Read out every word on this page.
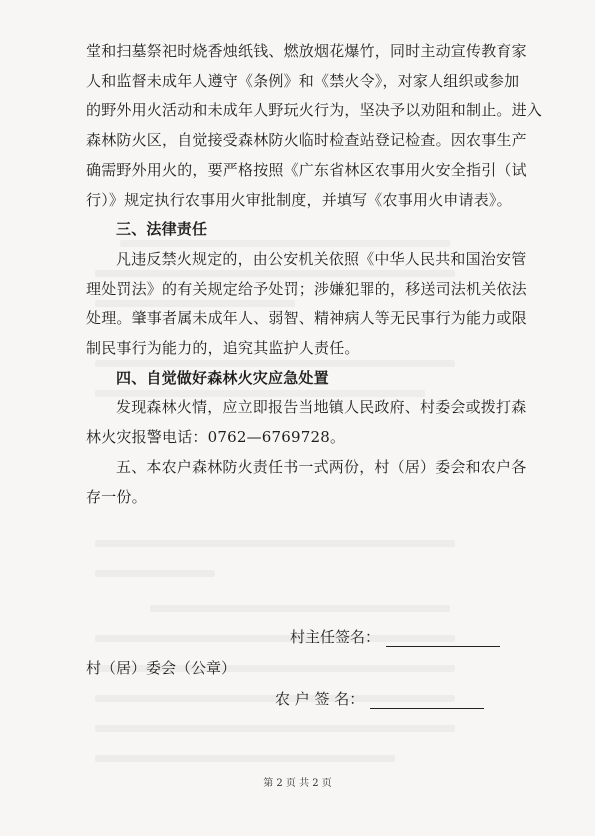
堂和扫墓祭祀时烧香烛纸钱、燃放烟花爆竹，同时主动宣传教育家
人和监督未成年人遵守《条例》和《禁火令》，对家人组织或参加
的野外用火活动和未成年人野玩火行为，坚决予以劝阻和制止。进入
森林防火区，自觉接受森林防火临时检查站登记检查。因农事生产
确需野外用火的，要严格按照《广东省林区农事用火安全指引（试
行）》规定执行农事用火审批制度，并填写《农事用火申请表》。
三、法律责任
凡违反禁火规定的，由公安机关依照《中华人民共和国治安管
理处罚法》的有关规定给予处罚；涉嫌犯罪的，移送司法机关依法
处理。肇事者属未成年人、弱智、精神病人等无民事行为能力或限
制民事行为能力的，追究其监护人责任。
四、自觉做好森林火灾应急处置
发现森林火情，应立即报告当地镇人民政府、村委会或拨打森
林火灾报警电话：0762—6769728。
五、本农户森林防火责任书一式两份，村（居）委会和农户各
存一份。
村主任签名：
村（居）委会（公章）
农 户 签 名：
第 2 页 共 2 页
